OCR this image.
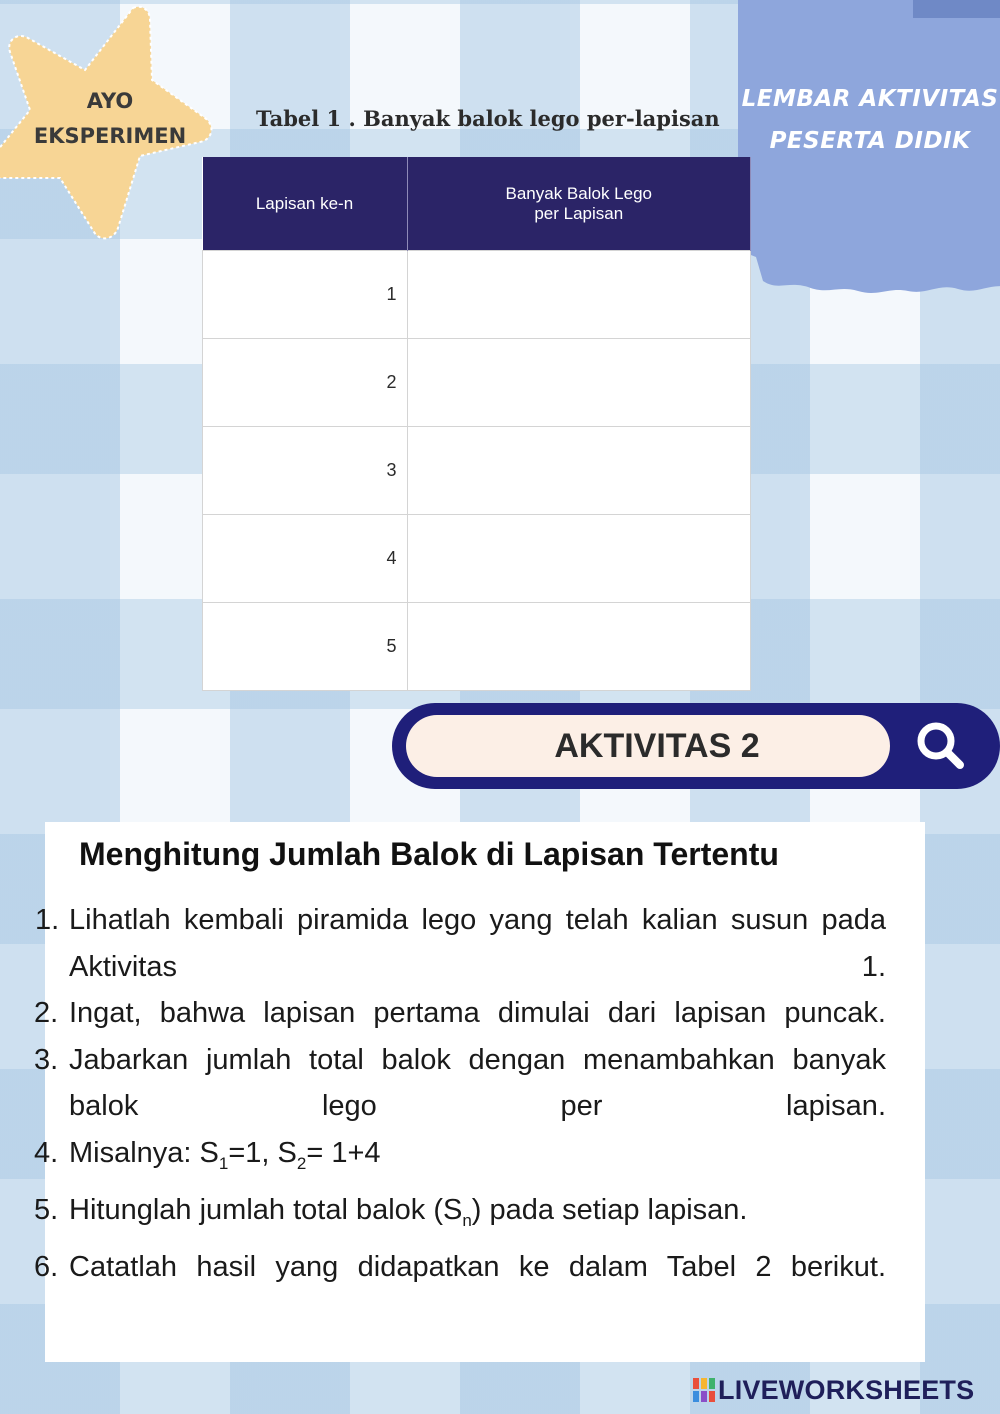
AYO
EKSPERIMEN
LEMBAR AKTIVITAS
PESERTA DIDIK
Tabel 1 . Banyak balok lego per-lapisan
Lapisan ke-n	Banyak Balok Lego
per Lapisan

1	
2	
3	
4	
5	
AKTIVITAS 2
Menghitung Jumlah Balok di Lapisan Tertentu
1. Lihatlah kembali piramida lego yang telah kalian susun pada Aktivitas 1.
2. Ingat, bahwa lapisan pertama dimulai dari lapisan puncak.
3. Jabarkan jumlah total balok dengan menambahkan banyak balok lego per lapisan.
4. Misalnya: $S_1=1$, $S_2= 1+4$
5. Hitunglah jumlah total balok $(S_n)$ pada setiap lapisan.
6. Catatlah hasil yang didapatkan ke dalam Tabel 2 berikut.
LIVEWORKSHEETS
